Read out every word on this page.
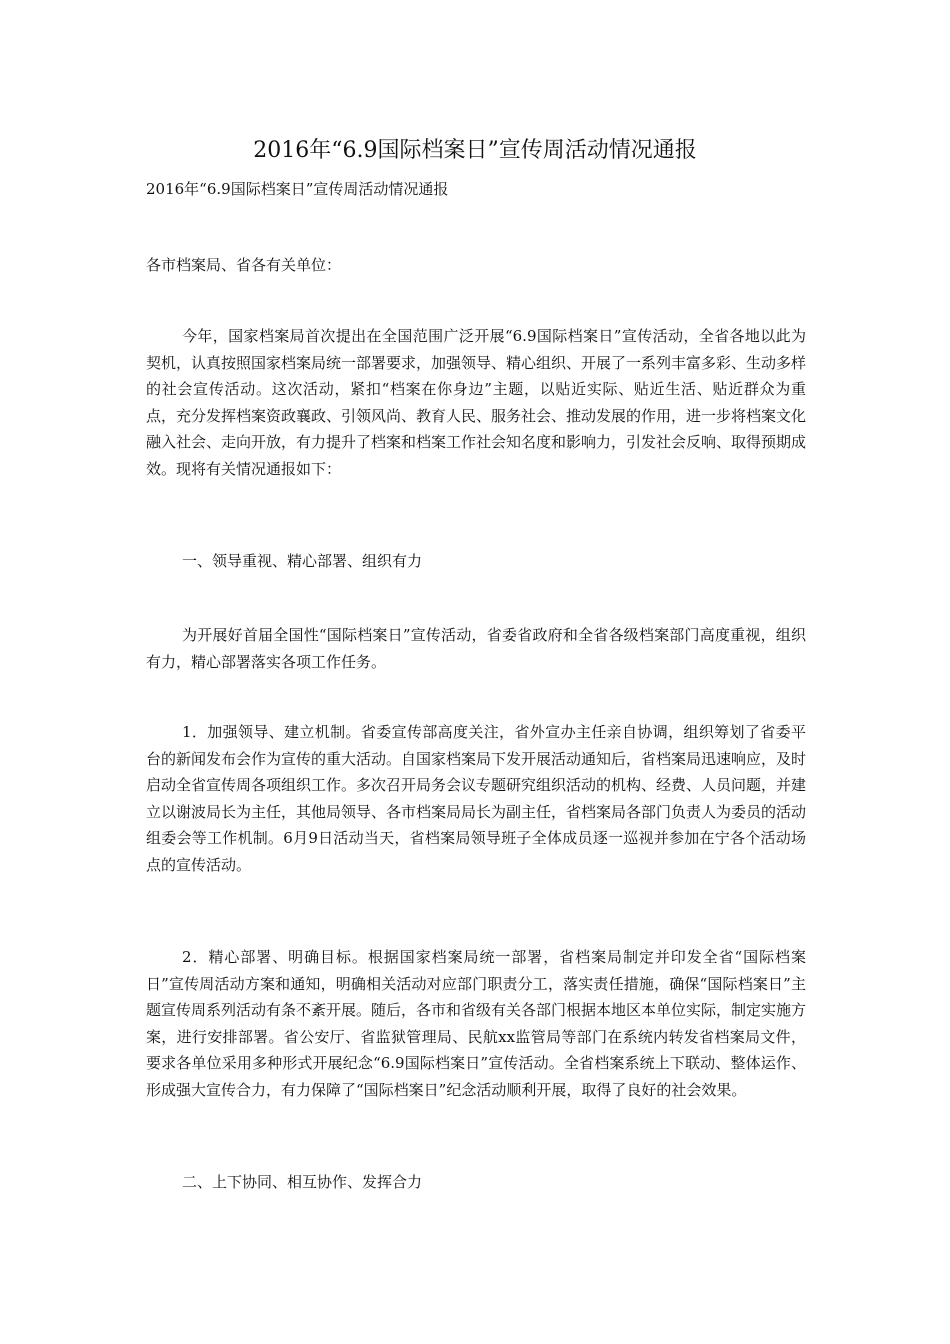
2016年“6.9国际档案日”宣传周活动情况通报

2016年“6.9国际档案日”宣传周活动情况通报

各市档案局、省各有关单位：

今年，国家档案局首次提出在全国范围广泛开展“6.9国际档案日”宣传活动，全省各地以此为契机，认真按照国家档案局统一部署要求，加强领导、精心组织、开展了一系列丰富多彩、生动多样的社会宣传活动。这次活动，紧扣“档案在你身边”主题，以贴近实际、贴近生活、贴近群众为重点，充分发挥档案资政襄政、引领风尚、教育人民、服务社会、推动发展的作用，进一步将档案文化融入社会、走向开放，有力提升了档案和档案工作社会知名度和影响力，引发社会反响、取得预期成效。现将有关情况通报如下：

一、领导重视、精心部署、组织有力

为开展好首届全国性“国际档案日”宣传活动，省委省政府和全省各级档案部门高度重视，组织有力，精心部署落实各项工作任务。

1．加强领导、建立机制。省委宣传部高度关注，省外宣办主任亲自协调，组织筹划了省委平台的新闻发布会作为宣传的重大活动。自国家档案局下发开展活动通知后，省档案局迅速响应，及时启动全省宣传周各项组织工作。多次召开局务会议专题研究组织活动的机构、经费、人员问题，并建立以谢波局长为主任，其他局领导、各市档案局局长为副主任，省档案局各部门负责人为委员的活动组委会等工作机制。6月9日活动当天，省档案局领导班子全体成员逐一巡视并参加在宁各个活动场点的宣传活动。

2．精心部署、明确目标。根据国家档案局统一部署，省档案局制定并印发全省“国际档案日”宣传周活动方案和通知，明确相关活动对应部门职责分工，落实责任措施，确保“国际档案日”主题宣传周系列活动有条不紊开展。随后，各市和省级有关各部门根据本地区本单位实际，制定实施方案，进行安排部署。省公安厅、省监狱管理局、民航xx监管局等部门在系统内转发省档案局文件，要求各单位采用多种形式开展纪念“6.9国际档案日”宣传活动。全省档案系统上下联动、整体运作、形成强大宣传合力，有力保障了“国际档案日”纪念活动顺利开展，取得了良好的社会效果。

二、上下协同、相互协作、发挥合力
